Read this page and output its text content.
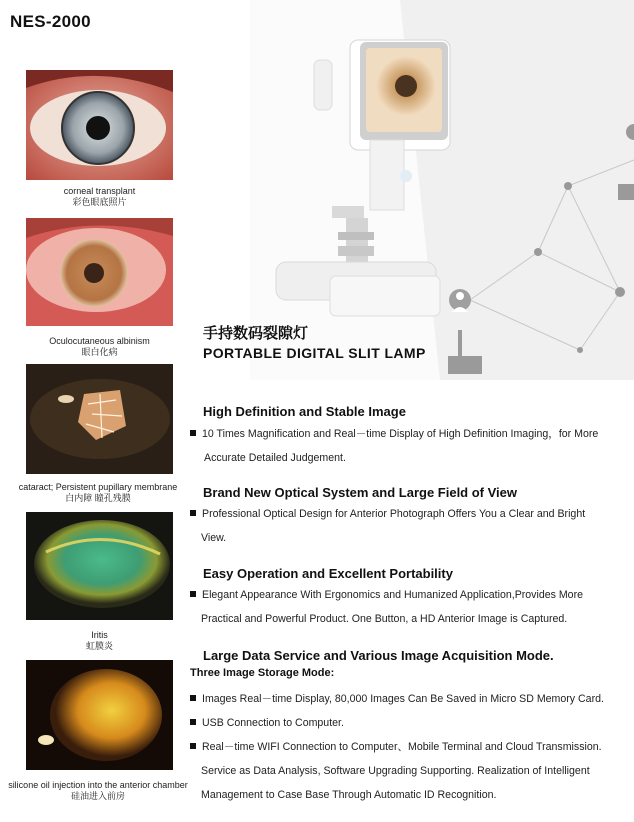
NES-2000
corneal transplant
彩色眼底照片
Oculocutaneous albinism
眼白化病
cataract; Persistent pupillary membrane
白内障 瞳孔残膜
Iritis
虹膜炎
silicone oil injection into the anterior chamber
硅油进入前房
手持数码裂隙灯
PORTABLE DIGITAL SLIT LAMP
High Definition and Stable Image
10 Times Magnification and Real－time Display of High Definition Imaging，for More
Accurate Detailed Judgement.
Brand New Optical System and Large Field of View
Professional Optical Design for Anterior Photograph Offers You a Clear and Bright
View.
Easy Operation and Excellent Portability
Elegant Appearance With Ergonomics and Humanized Application,Provides More
Practical and Powerful Product. One Button, a HD Anterior Image is Captured.
Large Data Service and Various Image Acquisition Mode.
Three Image Storage Mode:
Images Real－time Display, 80,000 Images Can Be Saved in Micro SD Memory Card.
USB Connection to Computer.
Real－time WIFI Connection to Computer、Mobile Terminal and Cloud Transmission.
Service as Data Analysis, Software Upgrading Supporting. Realization of Intelligent
Management to Case Base Through Automatic ID Recognition.
